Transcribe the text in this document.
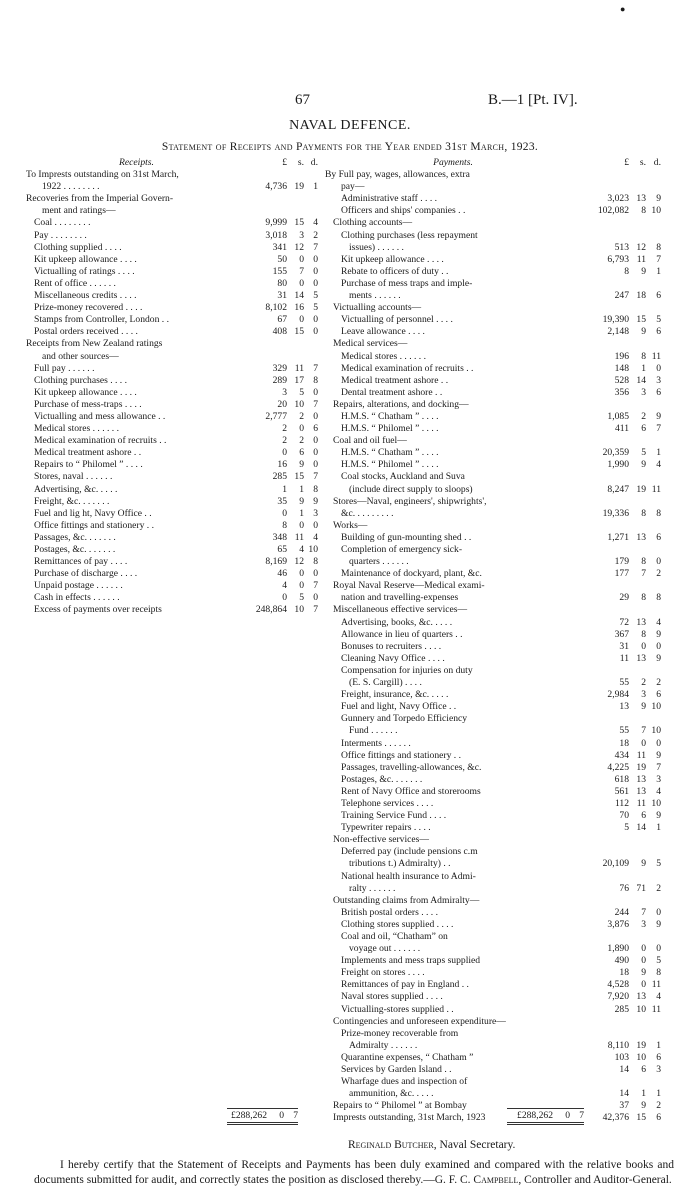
●
67	B.—1 [Pt. IV].
NAVAL DEFENCE.
Statement of Receipts and Payments for the Year ended 31st March, 1923.
Receipts.	£	s. d.
To Imprests outstanding on 31st March,
1922 . . . . . . . .	4,736 19 1
Recoveries from the Imperial Govern-
ment and ratings—
Coal . . . . . . . .	9,999 15 4
Pay . . . . . . . .	3,018	3 2
Clothing supplied . . . .	341 12 7
Kit upkeep allowance . . . .	50	0 0
Victualling of ratings . . . .	155	7 0
Rent of office . . . . . .	80	0 0
Miscellaneous credits . . . .	31 14 5
Prize-money recovered . . . .	8,102 16 5
Stamps from Controller, London . .	67	0 0
Postal orders received . . . .	408 15 0
Receipts from New Zealand ratings
and other sources—
Full pay . . . . . .	329 11 7
Clothing purchases . . . .	289 17 8
Kit upkeep allowance . . . .	3	5 0
Purchase of mess-traps . . . .	20 10 7
Victualling and mess allowance . .	2,777	2 0
Medical stores . . . . . .	2	0 6
Medical examination of recruits . .	2	2 0
Medical treatment ashore . .	0	6 0
Repairs to “ Philomel ” . . . .	16	9 0
Stores, naval . . . . . .	285 15 7
Advertising, &c. . . . .	1	1 8
Freight, &c. . . . . . .	35	9 9
Fuel and lig ht, Navy Office . .	0	1 3
Office fittings and stationery . .	8	0 0
Passages, &c. . . . . . .	348 11 4
Postages, &c. . . . . . .	65	4 10
Remittances of pay . . . .	8,169 12 8
Purchase of discharge . . . .	46	0 0
Unpaid postage . . . . . .	4	0 7
Cash in effects . . . . . .	0	5 0
Excess of payments over receipts	248,864 10 7
Payments.	£	s. d.
By Full pay, wages, allowances, extra
pay—
Administrative staff . . . .	3,023 13	9
Officers and ships' companies . .	102,082	8 10
Clothing accounts—
Clothing purchases (less repayment
issues) . . . . . .	513 12	8
Kit upkeep allowance . . . .	6,793 11	7
Rebate to officers of duty . .	8	9	1
Purchase of mess traps and imple-
ments . . . . . .	247 18	6
Victualling accounts—
Victualling of personnel . . . .	19,390 15	5
Leave allowance . . . .	2,148	9	6
Medical services—
Medical stores . . . . . .	196	8 11
Medical examination of recruits . .	148	1	0
Medical treatment ashore . .	528 14	3
Dental treatment ashore . .	356	3	6
Repairs, alterations, and docking—
H.M.S. “ Chatham ” . . . .	1,085	2	9
H.M.S. “ Philomel ” . . . .	411	6	7
Coal and oil fuel—
H.M.S. “ Chatham ” . . . .	20,359	5	1
H.M.S. “ Philomel ” . . . .	1,990	9	4
Coal stocks, Auckland and Suva
(include direct supply to sloops)	8,247 19 11
Stores—Naval, engineers', shipwrights',
&c. . . . . . . . .	19,336	8	8
Works—
Building of gun-mounting shed . .	1,271 13	6
Completion of emergency sick-
quarters . . . . . .	179	8	0
Maintenance of dockyard, plant, &c.	177	7	2
Royal Naval Reserve—Medical exami-
nation and travelling-expenses	29	8	8
Miscellaneous effective services—
Advertising, books, &c. . . . .	72 13	4
Allowance in lieu of quarters . .	367	8	9
Bonuses to recruiters . . . .	31	0	0
Cleaning Navy Office . . . .	11 13	9
Compensation for injuries on duty
(E. S. Cargill) . . . .	55	2	2
Freight, insurance, &c. . . . .	2,984	3	6
Fuel and light, Navy Office . .	13	9 10
Gunnery and Torpedo Efficiency
Fund . . . . . .	55	7 10
Interments . . . . . .	18	0	0
Office fittings and stationery . .	434 11	9
Passages, travelling-allowances, &c.	4,225 19	7
Postages, &c. . . . . . .	618 13	3
Rent of Navy Office and storerooms	561 13	4
Telephone services . . . .	112 11 10
Training Service Fund . . . .	70	6	9
Typewriter repairs . . . .	5 14	1
Non-effective services—
Deferred pay (include pensions c.m
tributions t.) Admiralty) . .	20,109	9	5
National health insurance to Admi-
ralty . . . . . .	76 71	2
Outstanding claims from Admiralty—
British postal orders . . . .	244	7	0
Clothing stores supplied . . . .	3,876	3	9
Coal and oil, “Chatham” on
voyage out . . . . . .	1,890	0	0
Implements and mess traps supplied	490	0	5
Freight on stores . . . .	18	9	8
Remittances of pay in England . .	4,528	0 11
Naval stores supplied . . . .	7,920 13	4
Victualling-stores supplied . .	285 10 11
Contingencies and unforeseen expenditure—
Prize-money recoverable from
Admiralty . . . . . .	8,110 19	1
Quarantine expenses, “ Chatham ”	103 10	6
Services by Garden Island . .	14	6	3
Wharfage dues and inspection of
ammunition, &c. . . . .	14	1	1
Repairs to “ Philomel ” at Bombay	37	9	2
Imprests outstanding, 31st March, 1923	42,376 15	6
£288,262	0 7	£288,262	0 7
Reginald Butcher, Naval Secretary.
I hereby certify that the Statement of Receipts and Payments has been duly examined and compared with the relative books and documents submitted for audit, and correctly states the position as disclosed thereby.—G. F. C. Campbell, Controller and Auditor-General.
